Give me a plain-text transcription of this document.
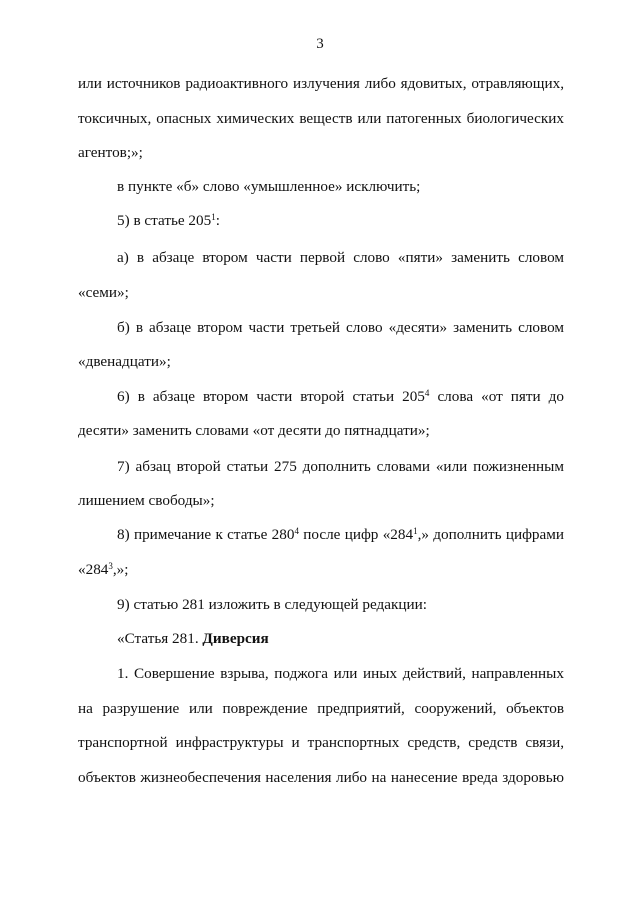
3
или источников радиоактивного излучения либо ядовитых, отравляющих,
токсичных, опасных химических веществ или патогенных биологических
агентов;»;
в пункте «б» слово «умышленное» исключить;
5) в статье $205^1$:
а) в абзаце втором части первой слово «пяти» заменить словом
«семи»;
б) в абзаце втором части третьей слово «десяти» заменить словом
«двенадцати»;
6) в абзаце втором части второй статьи $205^4$ слова «от пяти до
десяти» заменить словами «от десяти до пятнадцати»;
7) абзац второй статьи 275 дополнить словами «или пожизненным
лишением свободы»;
8) примечание к статье $280^4$ после цифр «$284^1$,» дополнить цифрами
«$284^3$,»;
9) статью 281 изложить в следующей редакции:
«Статья 281. Диверсия
1. Совершение взрыва, поджога или иных действий, направленных
на разрушение или повреждение предприятий, сооружений, объектов
транспортной инфраструктуры и транспортных средств, средств связи,
объектов жизнеобеспечения населения либо на нанесение вреда здоровью
